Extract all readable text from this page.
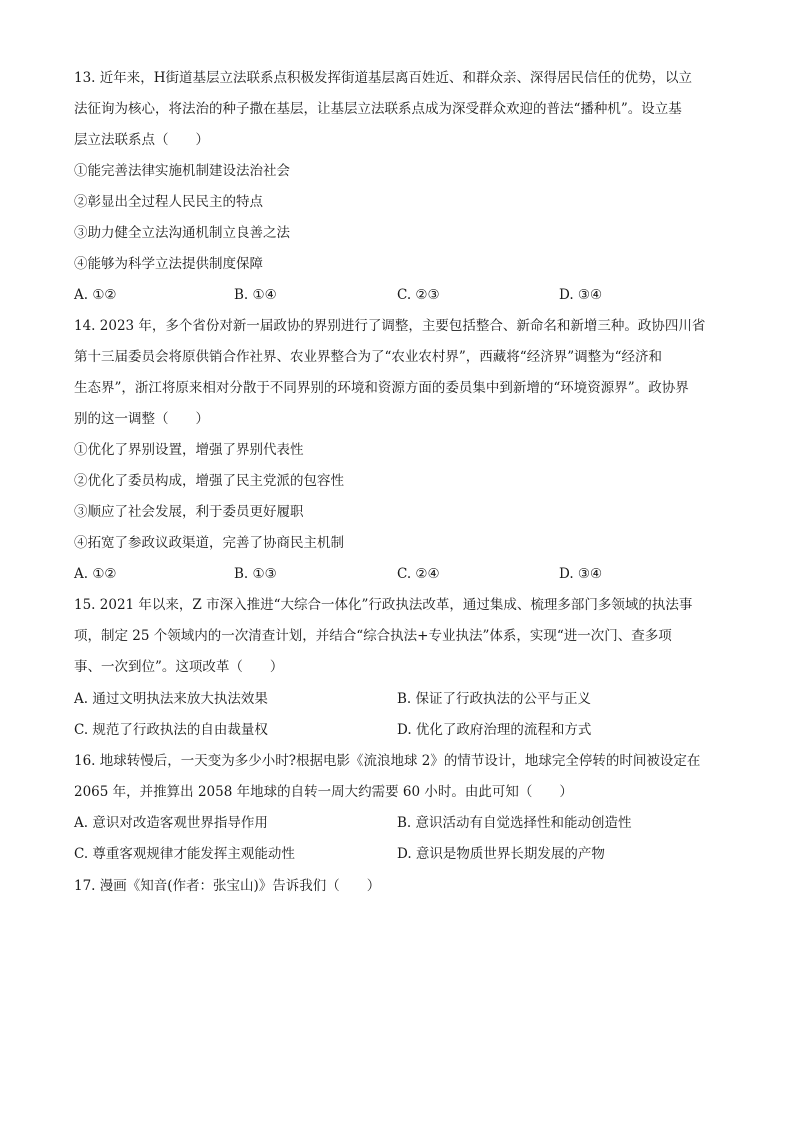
13. 近年来，H街道基层立法联系点积极发挥街道基层离百姓近、和群众亲、深得居民信任的优势，以立
法征询为核心，将法治的种子撒在基层，让基层立法联系点成为深受群众欢迎的普法“播种机”。设立基
层立法联系点（　　）
①能完善法律实施机制建设法治社会
②彰显出全过程人民民主的特点
③助力健全立法沟通机制立良善之法
④能够为科学立法提供制度保障
A. ①②	B. ①④	C. ②③	D. ③④
14. 2023 年，多个省份对新一届政协的界别进行了调整，主要包括整合、新命名和新增三种。政协四川省
第十三届委员会将原供销合作社界、农业界整合为了“农业农村界”，西藏将“经济界”调整为“经济和
生态界”，浙江将原来相对分散于不同界别的环境和资源方面的委员集中到新增的“环境资源界”。政协界
别的这一调整（　　）
①优化了界别设置，增强了界别代表性
②优化了委员构成，增强了民主党派的包容性
③顺应了社会发展，利于委员更好履职
④拓宽了参政议政渠道，完善了协商民主机制
A. ①②	B. ①③	C. ②④	D. ③④
15. 2021 年以来，Z 市深入推进“大综合一体化”行政执法改革，通过集成、梳理多部门多领域的执法事
项，制定 25 个领域内的一次清查计划，并结合“综合执法+专业执法”体系，实现“进一次门、查多项
事、一次到位”。这项改革（　　）
A. 通过文明执法来放大执法效果	B. 保证了行政执法的公平与正义
C. 规范了行政执法的自由裁量权	D. 优化了政府治理的流程和方式
16. 地球转慢后，一天变为多少小时?根据电影《流浪地球 2》的情节设计，地球完全停转的时间被设定在
2065 年，并推算出 2058 年地球的自转一周大约需要 60 小时。由此可知（　　）
A. 意识对改造客观世界指导作用	B. 意识活动有自觉选择性和能动创造性
C. 尊重客观规律才能发挥主观能动性	D. 意识是物质世界长期发展的产物
17. 漫画《知音(作者：张宝山)》告诉我们（　　）
